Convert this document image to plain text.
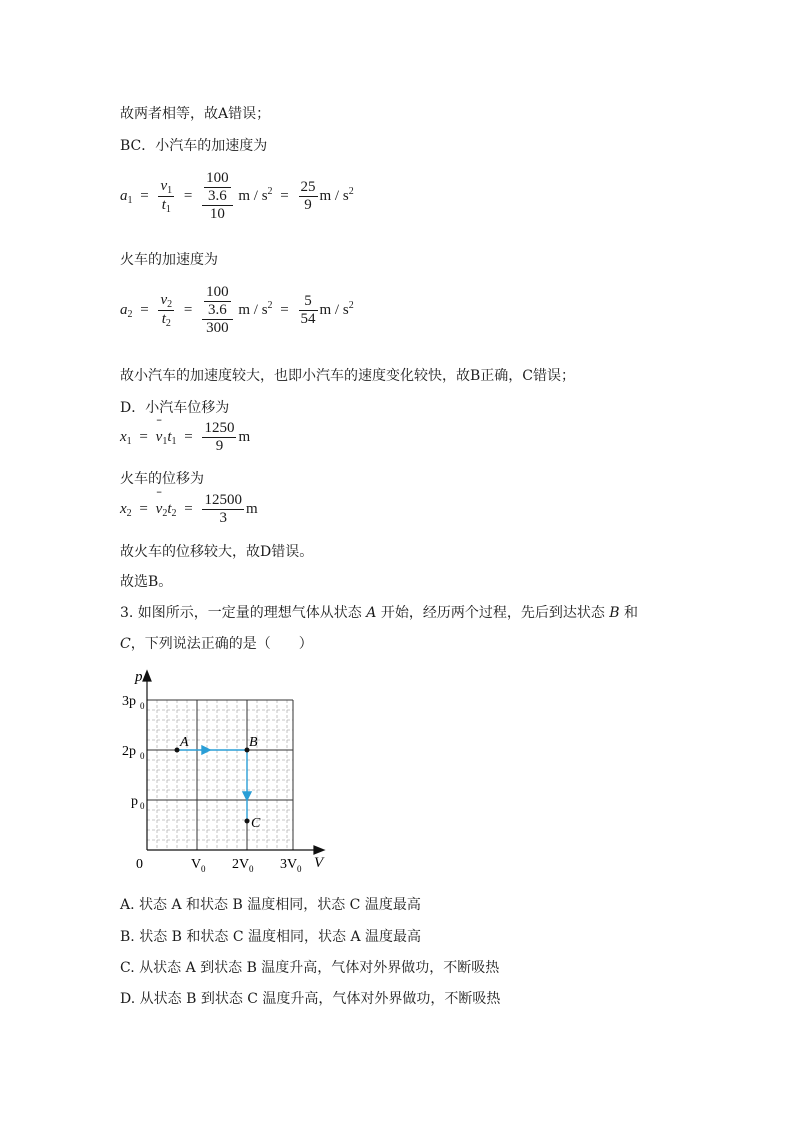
故两者相等，故A错误；
BC．小汽车的加速度为
$a_1 = \frac{v_1}{t_1} = \frac{\frac{100}{3.6}}{10}$ $m / s^2 = \frac{25}{9}$ m / $s^2$
火车的加速度为
$a_2 = \frac{v_2}{t_2} = \frac{\frac{100}{3.6}}{300}$ $m / s^2 = \frac{5}{54}$ m / $s^2$
故小汽车的加速度较大，也即小汽车的速度变化较快，故B正确，C错误；
D．小汽车位移为
$x_1$ =
ˉ
$v_1t_1 = \frac{1250}{9}$ m
火车的位移为
$x_2$ =
ˉ
$v_2t_2 = \frac{12500}{3}$ m
故火车的位移较大，故D错误。
故选B。
3. 如图所示，一定量的理想气体从状态 A 开始，经历两个过程，先后到达状态 B 和
C，下列说法正确的是（　　）
p
V
0
3p 0
2p 0
p 0
V 0 2V 0 3V 0
A	B
C
A. 状态 A 和状态 B 温度相同，状态 C 温度最高
B. 状态 B 和状态 C 温度相同，状态 A 温度最高
C. 从状态 A 到状态 B 温度升高，气体对外界做功，不断吸热
D. 从状态 B 到状态 C 温度升高，气体对外界做功，不断吸热
